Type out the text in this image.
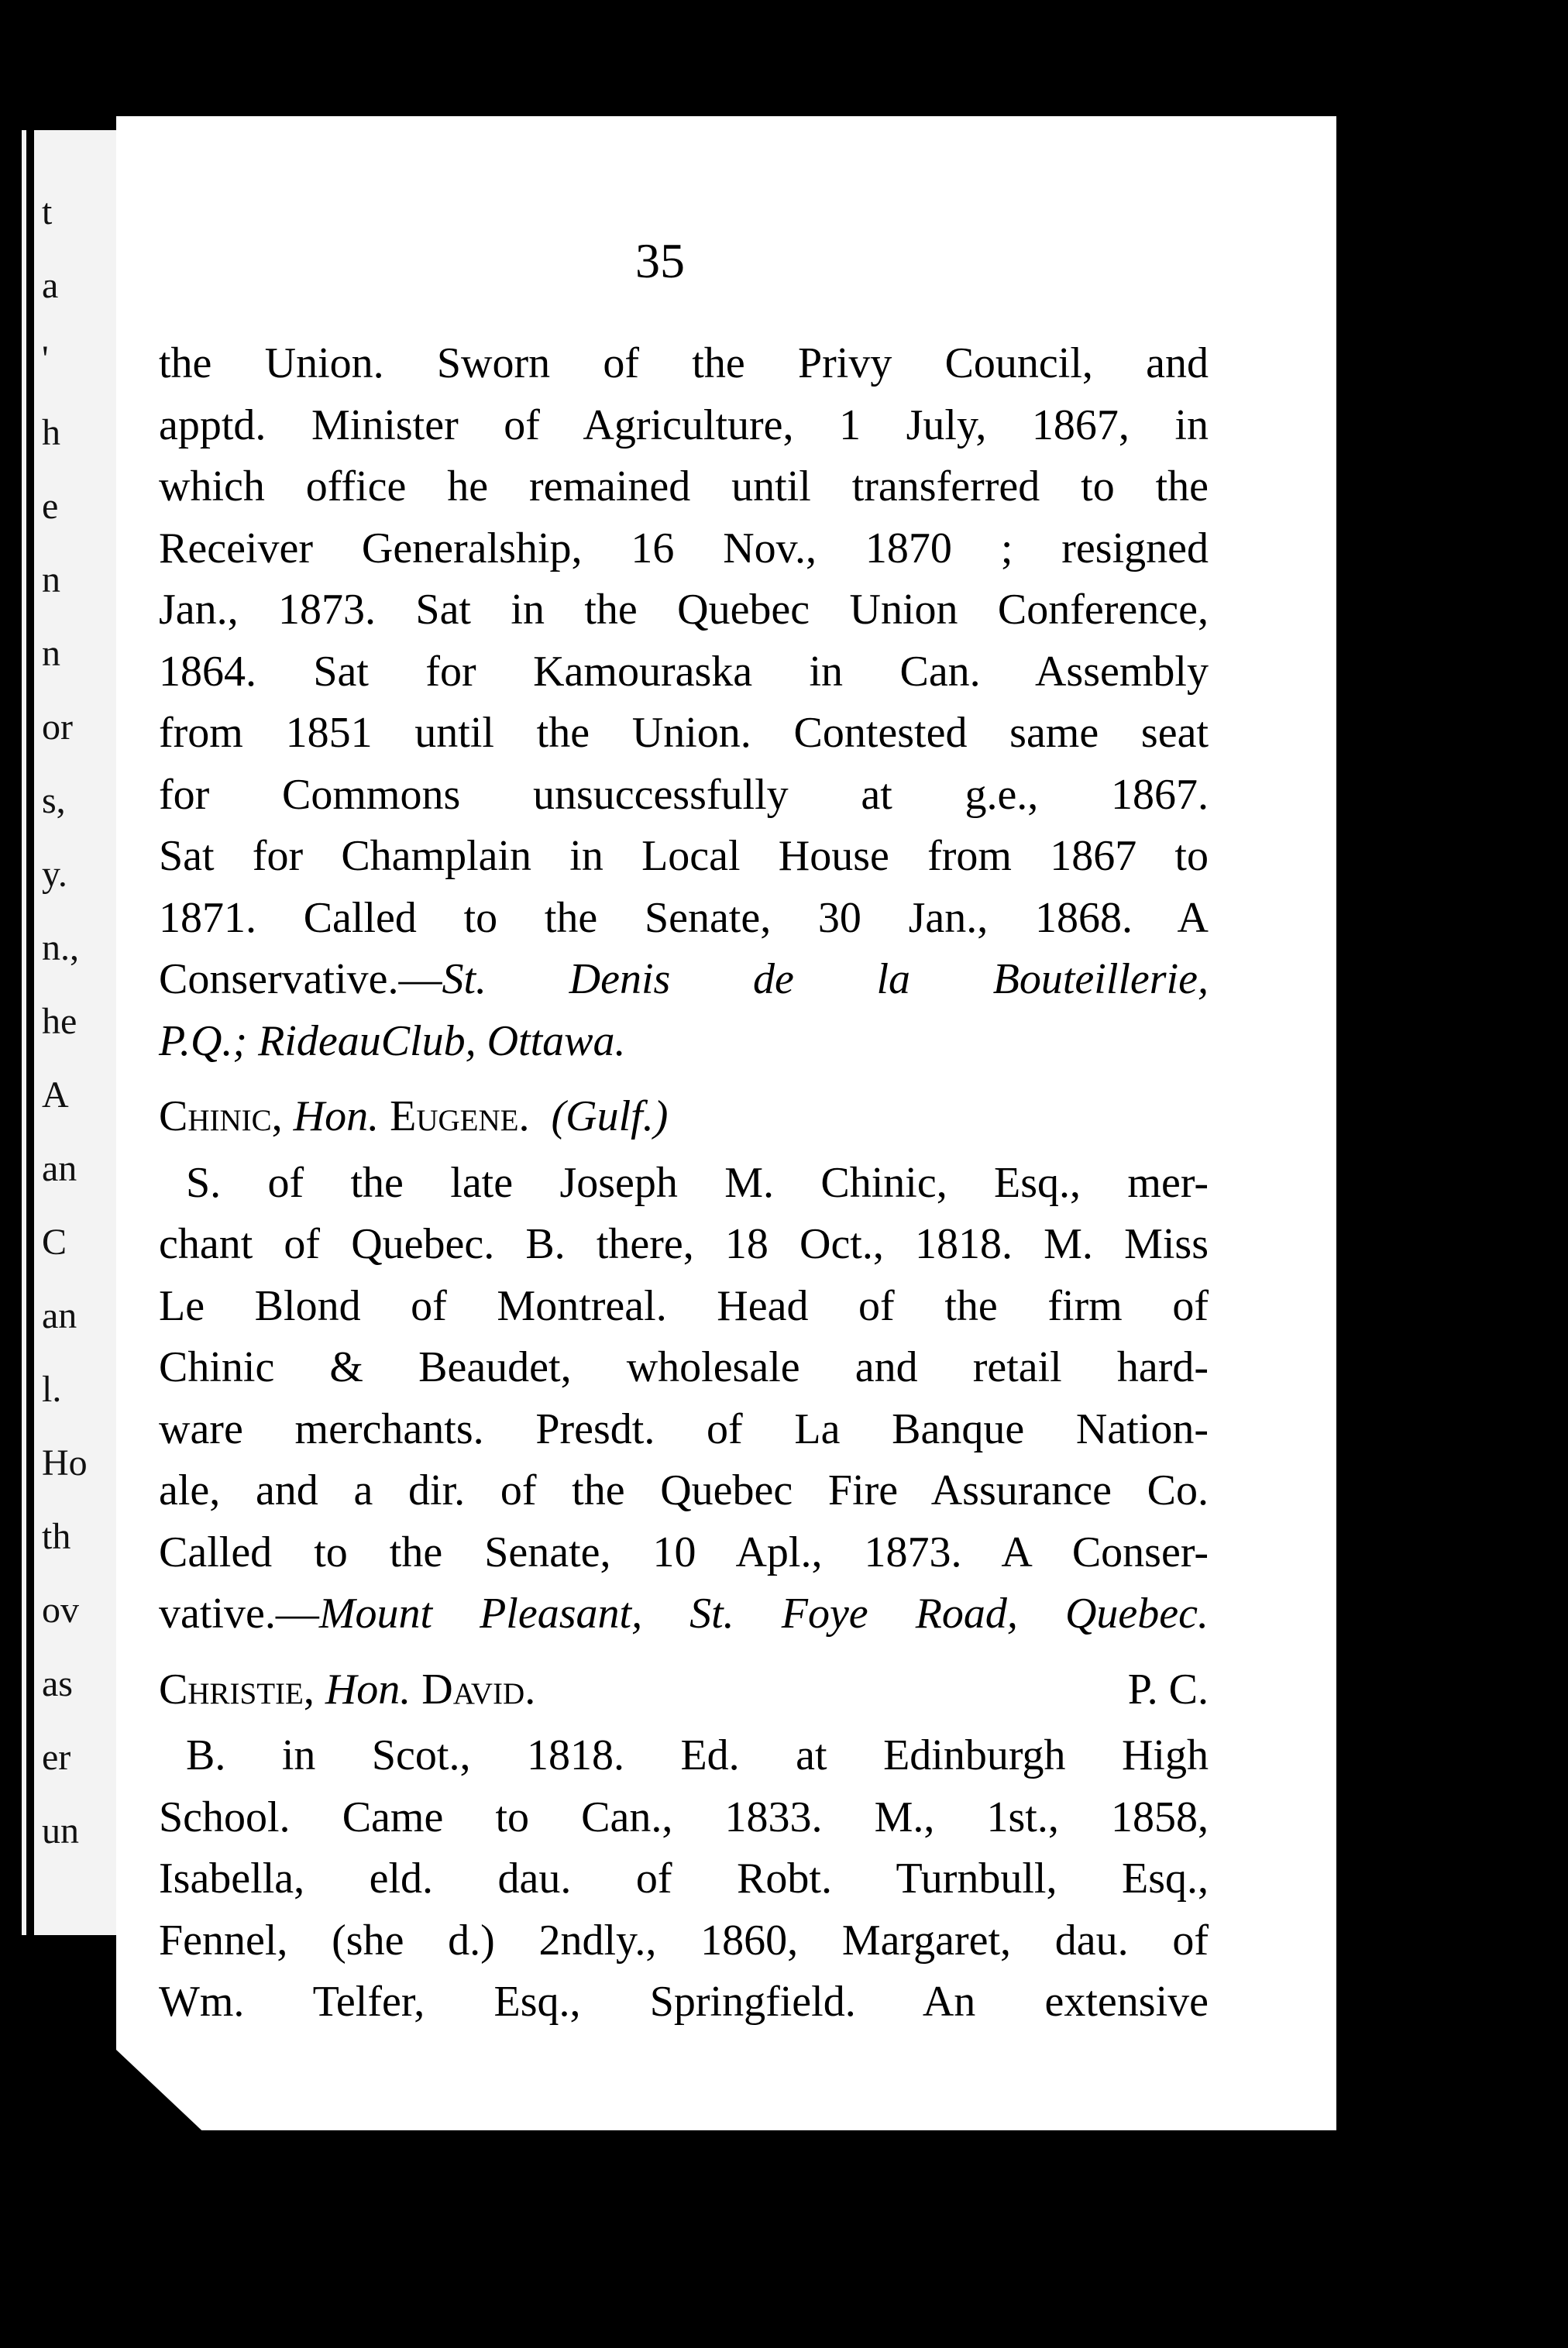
t
a
'
h
e
n
n
or
s,
y.
n.,
he
A
an
C
an
l.
Ho
th
ov
as
er
un
35
the Union. Sworn of the Privy Council, and
apptd. Minister of Agriculture, 1 July, 1867, in
which office he remained until transferred to the
Receiver Generalship, 16 Nov., 1870 ; resigned
Jan., 1873. Sat in the Quebec Union Conference,
1864. Sat for Kamouraska in Can. Assembly
from 1851 until the Union. Contested same seat
for Commons unsuccessfully at g.e., 1867.
Sat for Champlain in Local House from 1867 to
1871. Called to the Senate, 30 Jan., 1868. A
Conservative.—St. Denis de la Bouteillerie,
P.Q.; RideauClub, Ottawa.
Chinic, Hon. Eugene. (Gulf.)
S. of the late Joseph M. Chinic, Esq., mer-
chant of Quebec. B. there, 18 Oct., 1818. M. Miss
Le Blond of Montreal. Head of the firm of
Chinic & Beaudet, wholesale and retail hard-
ware merchants. Presdt. of La Banque Nation-
ale, and a dir. of the Quebec Fire Assurance Co.
Called to the Senate, 10 Apl., 1873. A Conser-
vative.—Mount Pleasant, St. Foye Road, Quebec.
Christie, Hon. David.	P. C.
B. in Scot., 1818. Ed. at Edinburgh High
School. Came to Can., 1833. M., 1st., 1858,
Isabella, eld. dau. of Robt. Turnbull, Esq.,
Fennel, (she d.) 2ndly., 1860, Margaret, dau. of
Wm. Telfer, Esq., Springfield. An extensive
